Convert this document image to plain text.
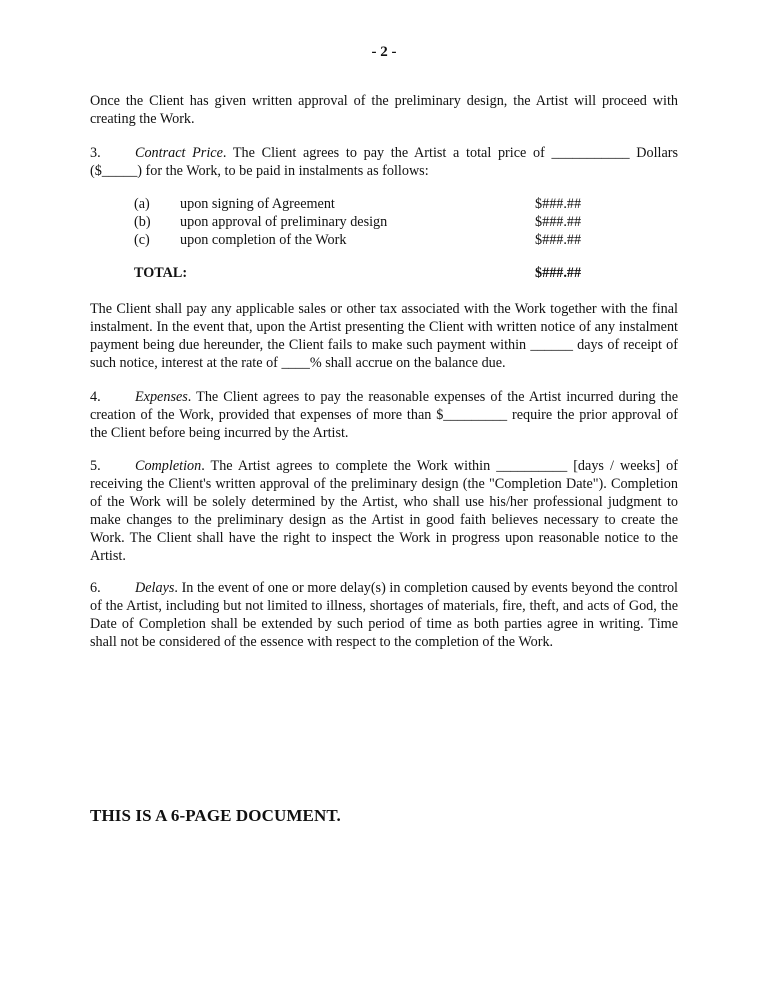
- 2 -
Once the Client has given written approval of the preliminary design, the Artist will proceed with creating the Work.
3. Contract Price. The Client agrees to pay the Artist a total price of ___________ Dollars ($_____) for the Work, to be paid in instalments as follows:
(a) upon signing of Agreement	$###.##
(b) upon approval of preliminary design	$###.##
(c) upon completion of the Work	$###.##
TOTAL:	$###.##
The Client shall pay any applicable sales or other tax associated with the Work together with the final instalment. In the event that, upon the Artist presenting the Client with written notice of any instalment payment being due hereunder, the Client fails to make such payment within ______ days of receipt of such notice, interest at the rate of ____% shall accrue on the balance due.
4. Expenses. The Client agrees to pay the reasonable expenses of the Artist incurred during the creation of the Work, provided that expenses of more than $_________ require the prior approval of the Client before being incurred by the Artist.
5. Completion. The Artist agrees to complete the Work within __________ [days / weeks] of receiving the Client's written approval of the preliminary design (the "Completion Date"). Completion of the Work will be solely determined by the Artist, who shall use his/her professional judgment to make changes to the preliminary design as the Artist in good faith believes necessary to create the Work. The Client shall have the right to inspect the Work in progress upon reasonable notice to the Artist.
6. Delays. In the event of one or more delay(s) in completion caused by events beyond the control of the Artist, including but not limited to illness, shortages of materials, fire, theft, and acts of God, the Date of Completion shall be extended by such period of time as both parties agree in writing. Time shall not be considered of the essence with respect to the completion of the Work.
THIS IS A 6-PAGE DOCUMENT.
